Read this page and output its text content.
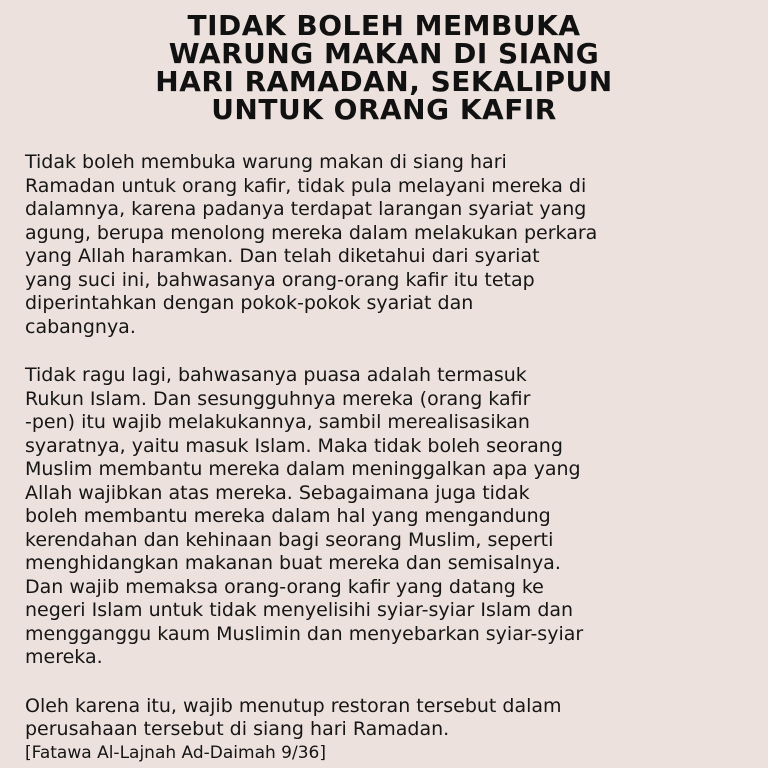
TIDAK BOLEH MEMBUKA
WARUNG MAKAN DI SIANG
HARI RAMADAN, SEKALIPUN
UNTUK ORANG KAFIR
Tidak boleh membuka warung makan di siang hari
Ramadan untuk orang kafir, tidak pula melayani mereka di
dalamnya, karena padanya terdapat larangan syariat yang
agung, berupa menolong mereka dalam melakukan perkara
yang Allah haramkan. Dan telah diketahui dari syariat
yang suci ini, bahwasanya orang-orang kafir itu tetap
diperintahkan dengan pokok-pokok syariat dan
cabangnya.
Tidak ragu lagi, bahwasanya puasa adalah termasuk
Rukun Islam. Dan sesungguhnya mereka (orang kafir
-pen) itu wajib melakukannya, sambil merealisasikan
syaratnya, yaitu masuk Islam. Maka tidak boleh seorang
Muslim membantu mereka dalam meninggalkan apa yang
Allah wajibkan atas mereka. Sebagaimana juga tidak
boleh membantu mereka dalam hal yang mengandung
kerendahan dan kehinaan bagi seorang Muslim, seperti
menghidangkan makanan buat mereka dan semisalnya.
Dan wajib memaksa orang-orang kafir yang datang ke
negeri Islam untuk tidak menyelisihi syiar-syiar Islam dan
mengganggu kaum Muslimin dan menyebarkan syiar-syiar
mereka.
Oleh karena itu, wajib menutup restoran tersebut dalam
perusahaan tersebut di siang hari Ramadan.
[Fatawa Al-Lajnah Ad-Daimah 9/36]
